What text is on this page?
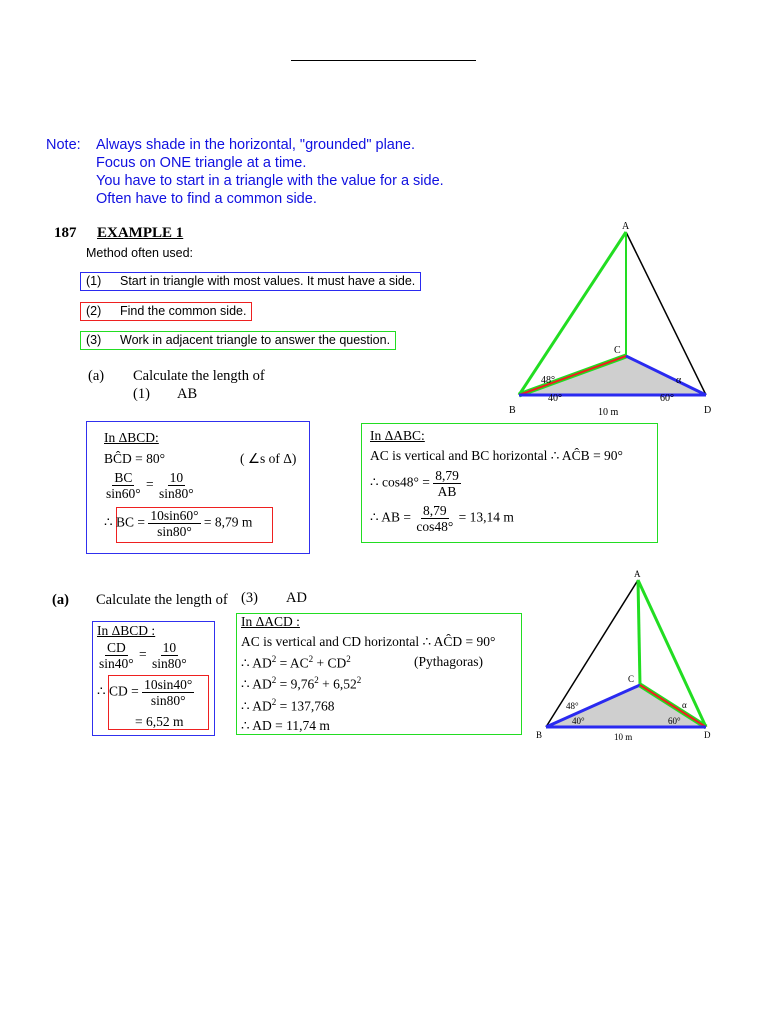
Note: Always shade in the horizontal, "grounded" plane.
Focus on ONE triangle at a time.
You have to start in a triangle with the value for a side.
Often have to find a common side.
187 EXAMPLE 1
Method often used:
(1) Start in triangle with most values. It must have a side.
(2) Find the common side.
(3) Work in adjacent triangle to answer the question.
(a) Calculate the length of
(1) AB
In ΔBCD:
BĈD = 80°	( ∠s of Δ)
$\frac{BC}{\sin 60^\circ} = \frac{10}{\sin 80^\circ}$
∴ BC = $\frac{10\sin 60^\circ}{\sin 80^\circ} = 8,79$ m
In ΔABC:
AC is vertical and BC horizontal ∴ AĈB = 90°
∴ $\cos 48^\circ = \frac{8,79}{AB}$
∴ AB = $\frac{8,79}{\cos 48^\circ} = 13,14$ m
A
C
B	D
48°
40°	60°
α
10 m
(a) Calculate the length of (3) AD
In ΔBCD :
$\frac{CD}{\sin 40^\circ} = \frac{10}{\sin 80^\circ}$
∴ CD = $\frac{10\sin 40^\circ}{\sin 80^\circ}$
= 6,52 m
In ΔACD :
AC is vertical and CD horizontal ∴ AĈD = 90°
∴ $AD^2 = AC^2 + CD^2$	(Pythagoras)
∴ $AD^2 = 9,76^2 + 6,52^2$
∴ $AD^2 = 137,768$
∴ AD = 11,74 m
A
C
B	D
48°
40°	60°
α
10 m
